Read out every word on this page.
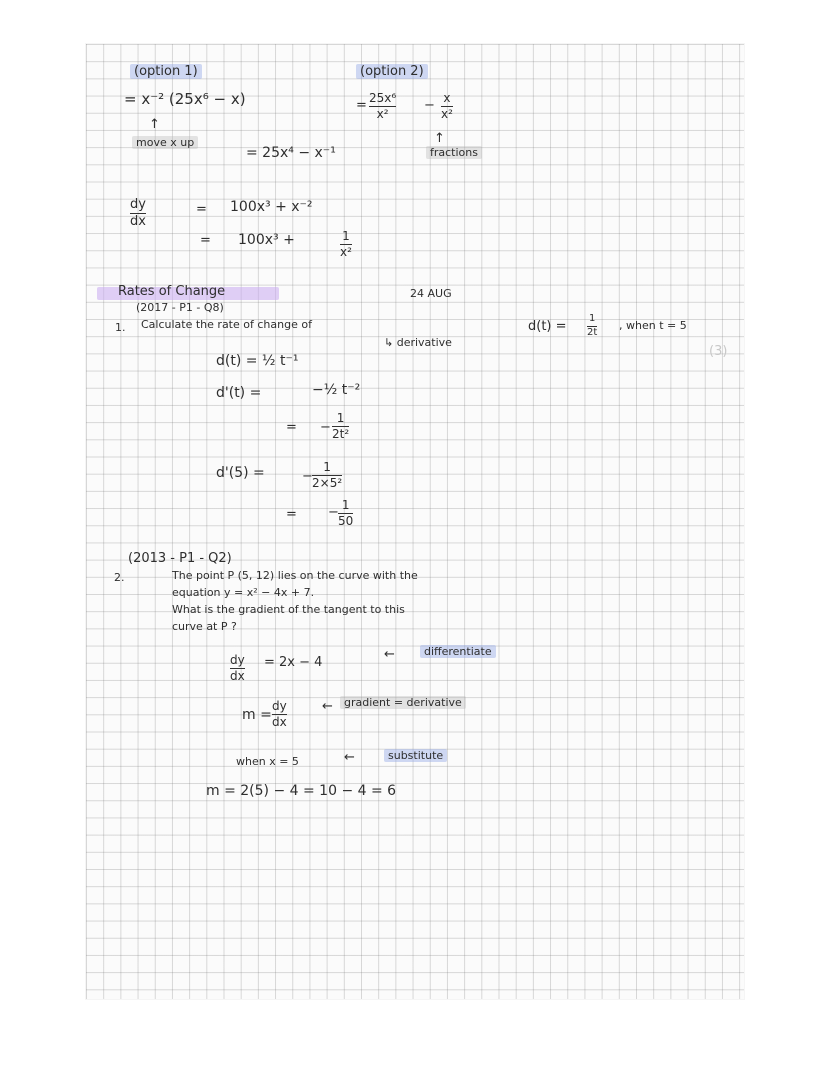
(option 1)
= x⁻² (25x⁶ − x)
↑
move x up
= 25x⁴ − x⁻¹
(option 2)
= 25x⁶
x²
− x
x²
↑
fractions
dy
dx
= 100x³ + x⁻²
= 100x³ +	1
x²
Rates of Change
(2017 - P1 - Q8)
24 AUG
1. Calculate the rate of change of
↳ derivative
d(t) =
1
2t , when t = 5
(3)
d(t) = ½ t⁻¹
d'(t) =	−½ t⁻²
= −
1
2t²
d'(5) =	−
1
2×5²
= − 1
50
(2013 - P1 - Q2)
2.	The point P (5, 12) lies on the curve with the
equation y = x² − 4x + 7.
What is the gradient of the tangent to this
curve at P ?
dy
dx
= 2x − 4
←	differentiate
m =
dy
dx
←	gradient = derivative
when x = 5	←	substitute
m = 2(5) − 4 = 10 − 4 = 6
